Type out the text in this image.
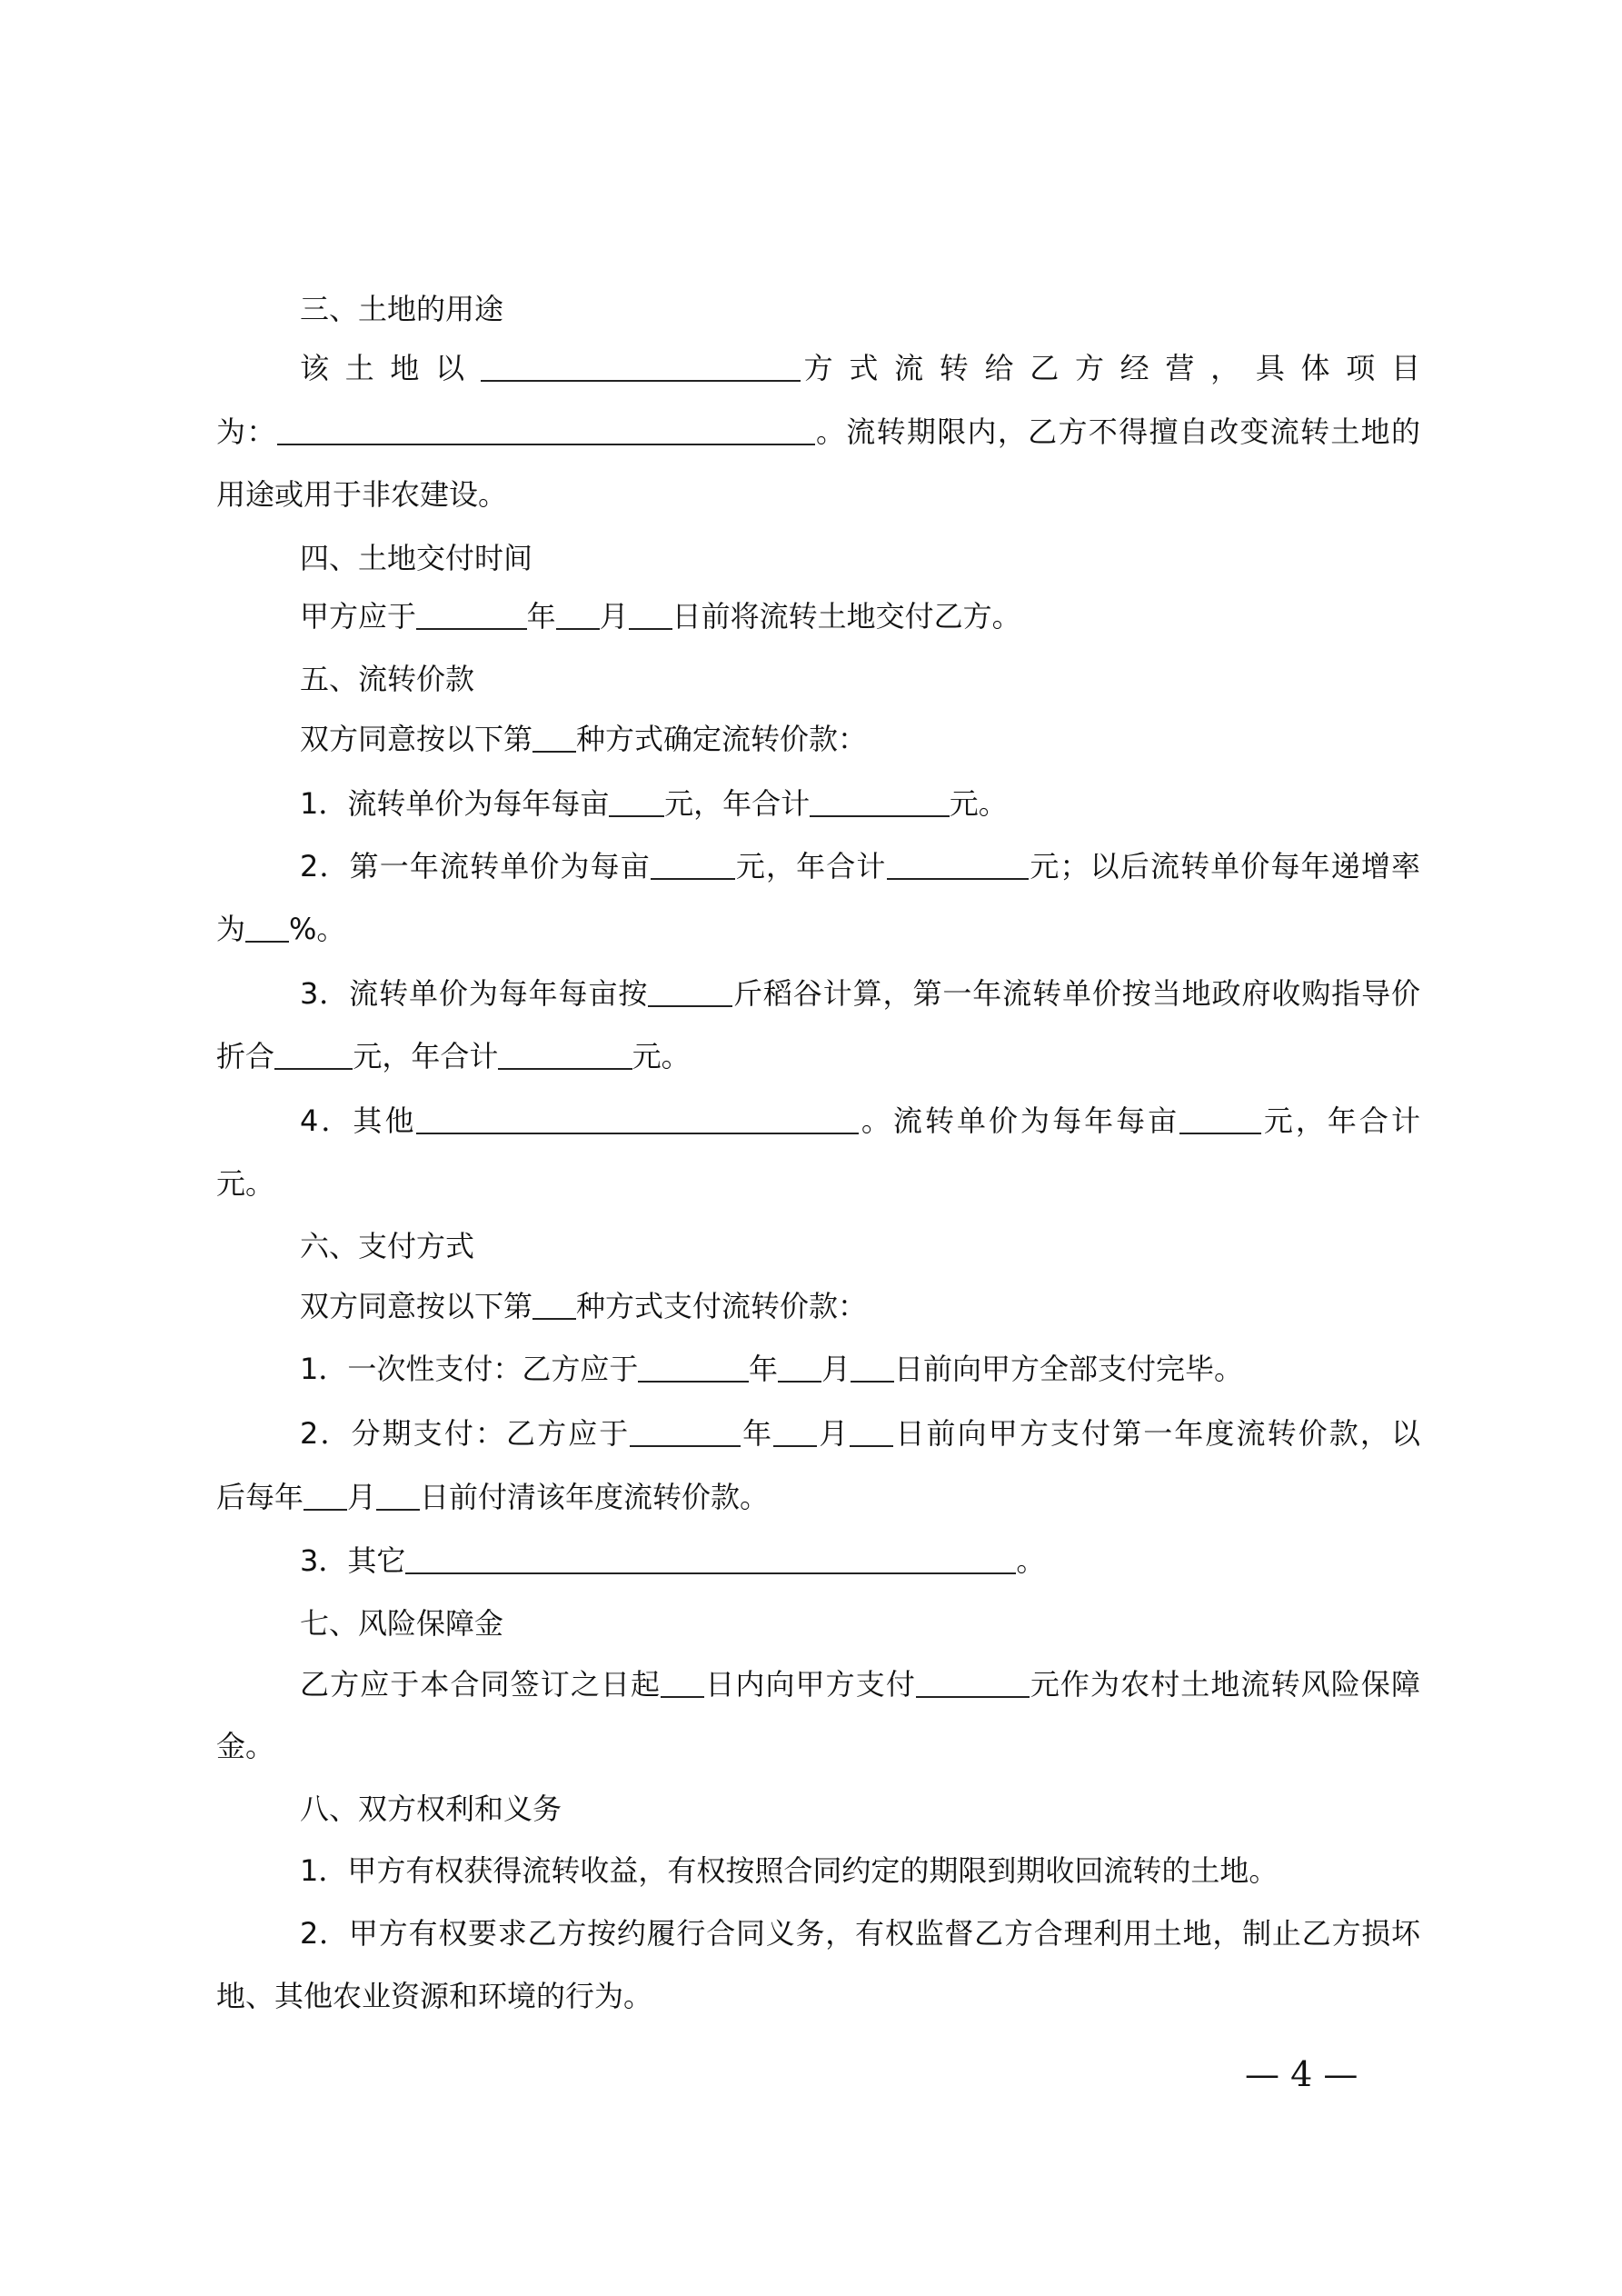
三、土地的用途
该 土 地 以	方 式 流 转 给 乙 方 经 营 ， 具 体 项 目
为：	。流转期限内，乙方不得擅自改变流转土地的
用途或用于非农建设。
四、土地交付时间
甲方应于	年 月 日前将流转土地交付乙方。
五、流转价款
双方同意按以下第 种方式确定流转价款：
1．流转单价为每年每亩 元，年合计	元。
2．第一年流转单价为每亩	元，年合计	元；以后流转单价每年递增率
为 %。
3．流转单价为每年每亩按	斤稻谷计算，第一年流转单价按当地政府收购指导价
折合	元，年合计	元。
4．其他	。流转单价为每年每亩	元，年合计
元。
六、支付方式
双方同意按以下第 种方式支付流转价款：
1．一次性支付：乙方应于	年 月 日前向甲方全部支付完毕。
2．分期支付：乙方应于	年 月 日前向甲方支付第一年度流转价款，以
后每年 月 日前付清该年度流转价款。
3．其它	。
七、风险保障金
乙方应于本合同签订之日起 日内向甲方支付	元作为农村土地流转风险保障
金。
八、双方权利和义务
1．甲方有权获得流转收益，有权按照合同约定的期限到期收回流转的土地。
2．甲方有权要求乙方按约履行合同义务，有权监督乙方合理利用土地，制止乙方损坏
地、其他农业资源和环境的行为。
— 4 —
